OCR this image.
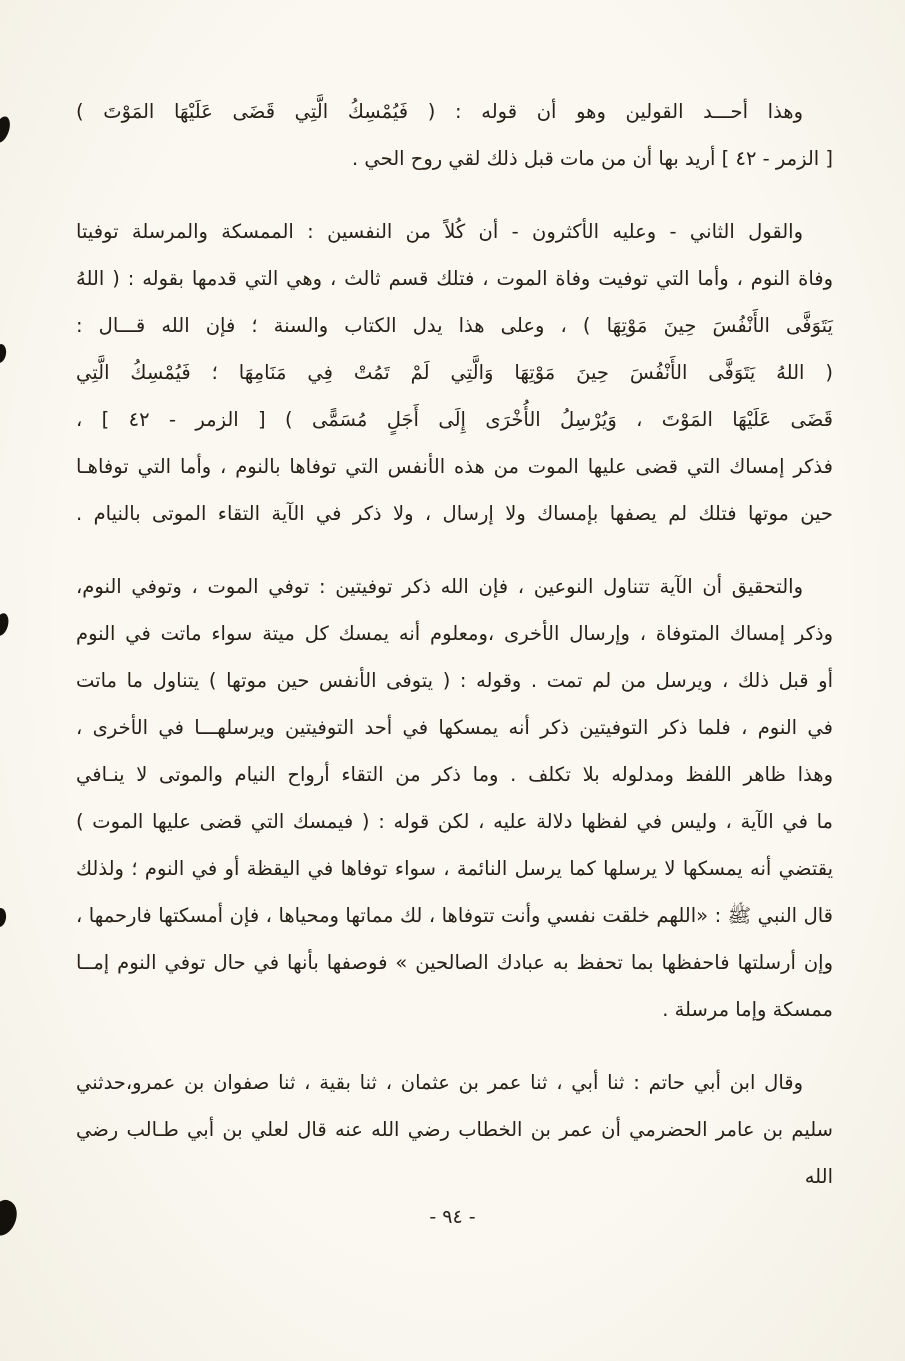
وهذا أحـــد القولين وهو أن قوله : ( فَيُمْسِكُ الَّتِي قَضَى عَلَيْهَا المَوْتَ )
[ الزمر - ٤٢ ] أريد بها أن من مات قبل ذلك لقي روح الحي .
والقول الثاني - وعليه الأكثرون - أن كُلاً من النفسين : الممسكة والمرسلة توفيتا
وفاة النوم ، وأما التي توفيت وفاة الموت ، فتلك قسم ثالث ، وهي التي قدمها بقوله : ( اللهُ
يَتَوَفَّى الأَنْفُسَ حِينَ مَوْتِهَا ) ، وعلى هذا يدل الكتاب والسنة ؛ فإن الله قـــال :
( اللهُ يَتَوَفَّى الأَنْفُسَ حِينَ مَوْتِهَا وَالَّتِي لَمْ تَمُتْ فِي مَنَامِهَا ؛ فَيُمْسِكُ الَّتِي
قَضَى عَلَيْهَا المَوْتَ ، وَيُرْسِلُ الأُخْرَى إِلَى أَجَلٍ مُسَمًّى ) [ الزمر - ٤٢ ] ،
فذكر إمساك التي قضى عليها الموت من هذه الأنفس التي توفاها بالنوم ، وأما التي توفاهـا
حين موتها فتلك لم يصفها بإمساك ولا إرسال ، ولا ذكر في الآية التقاء الموتى بالنيام .
والتحقيق أن الآية تتناول النوعين ، فإن الله ذكر توفيتين : توفي الموت ، وتوفي النوم،
وذكر إمساك المتوفاة ، وإرسال الأخرى ،ومعلوم أنه يمسك كل ميتة سواء ماتت في النوم
أو قبل ذلك ، ويرسل من لم تمت . وقوله : ( يتوفى الأنفس حين موتها ) يتناول ما ماتت
في النوم ، فلما ذكر التوفيتين ذكر أنه يمسكها في أحد التوفيتين ويرسلهـــا في الأخرى ،
وهذا ظاهر اللفظ ومدلوله بلا تكلف . وما ذكر من التقاء أرواح النيام والموتى لا ينـافي
ما في الآية ، وليس في لفظها دلالة عليه ، لكن قوله : ( فيمسك التي قضى عليها الموت )
يقتضي أنه يمسكها لا يرسلها كما يرسل النائمة ، سواء توفاها في اليقظة أو في النوم ؛ ولذلك
قال النبي ﷺ : «اللهم خلقت نفسي وأنت تتوفاها ، لك مماتها ومحياها ، فإن أمسكتها فارحمها ،
وإن أرسلتها فاحفظها بما تحفظ به عبادك الصالحين » فوصفها بأنها في حال توفي النوم إمــا
ممسكة وإما مرسلة .
وقال ابن أبي حاتم : ثنا أبي ، ثنا عمر بن عثمان ، ثنا بقية ، ثنا صفوان بن عمرو،حدثني
سليم بن عامر الحضرمي أن عمر بن الخطاب رضي الله عنه قال لعلي بن أبي طـالب رضي الله
- ٩٤ -
